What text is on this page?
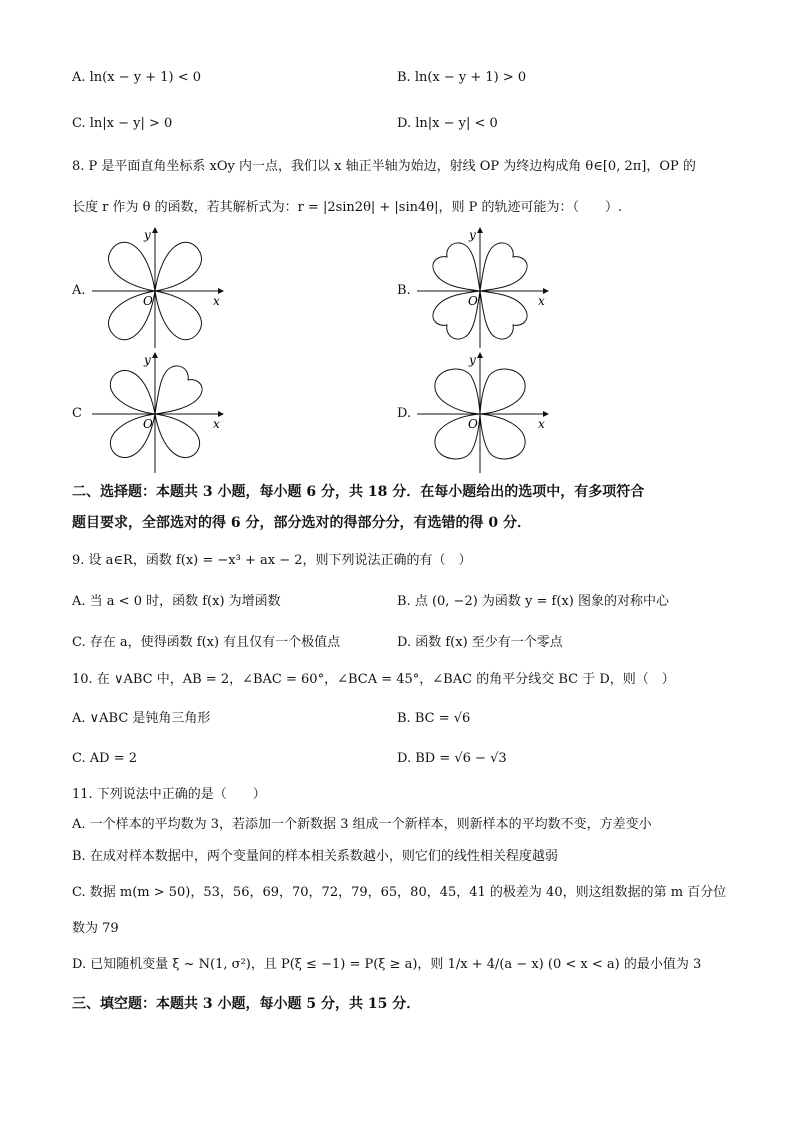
A. ln(x − y + 1) < 0	B. ln(x − y + 1) > 0
C. ln|x − y| > 0	D. ln|x − y| < 0
8. P 是平面直角坐标系 xOy 内一点，我们以 x 轴正半轴为始边，射线 OP 为终边构成角 θ∈[0, 2π]，OP 的
长度 r 作为 θ 的函数，若其解析式为：r = |2sin2θ| + |sin4θ|，则 P 的轨迹可能为：（　　）.
A.	B.
C	D.
y
x
O
y
x
O
y
x
O
y
x
O
二、选择题：本题共 3 小题，每小题 6 分，共 18 分．在每小题给出的选项中，有多项符合
题目要求，全部选对的得 6 分，部分选对的得部分分，有选错的得 0 分．
9. 设 a∈R，函数 f(x) = −x³ + ax − 2，则下列说法正确的有（　）
A. 当 a < 0 时，函数 f(x) 为增函数	B. 点 (0, −2) 为函数 y = f(x) 图象的对称中心
C. 存在 a，使得函数 f(x) 有且仅有一个极值点	D. 函数 f(x) 至少有一个零点
10. 在 ∨ABC 中，AB = 2，∠BAC = 60°，∠BCA = 45°，∠BAC 的角平分线交 BC 于 D，则（　）
A. ∨ABC 是钝角三角形	B. BC = √6
C. AD = 2	D. BD = √6 − √3
11. 下列说法中正确的是（　　）
A. 一个样本的平均数为 3，若添加一个新数据 3 组成一个新样本，则新样本的平均数不变，方差变小
B. 在成对样本数据中，两个变量间的样本相关系数越小，则它们的线性相关程度越弱
C. 数据 m(m > 50)，53，56，69，70，72，79，65，80，45，41 的极差为 40，则这组数据的第 m 百分位
数为 79
D. 已知随机变量 ξ ~ N(1, σ²)，且 P(ξ ≤ −1) = P(ξ ≥ a)，则 1/x + 4/(a − x) (0 < x < a) 的最小值为 3
三、填空题：本题共 3 小题，每小题 5 分，共 15 分．
